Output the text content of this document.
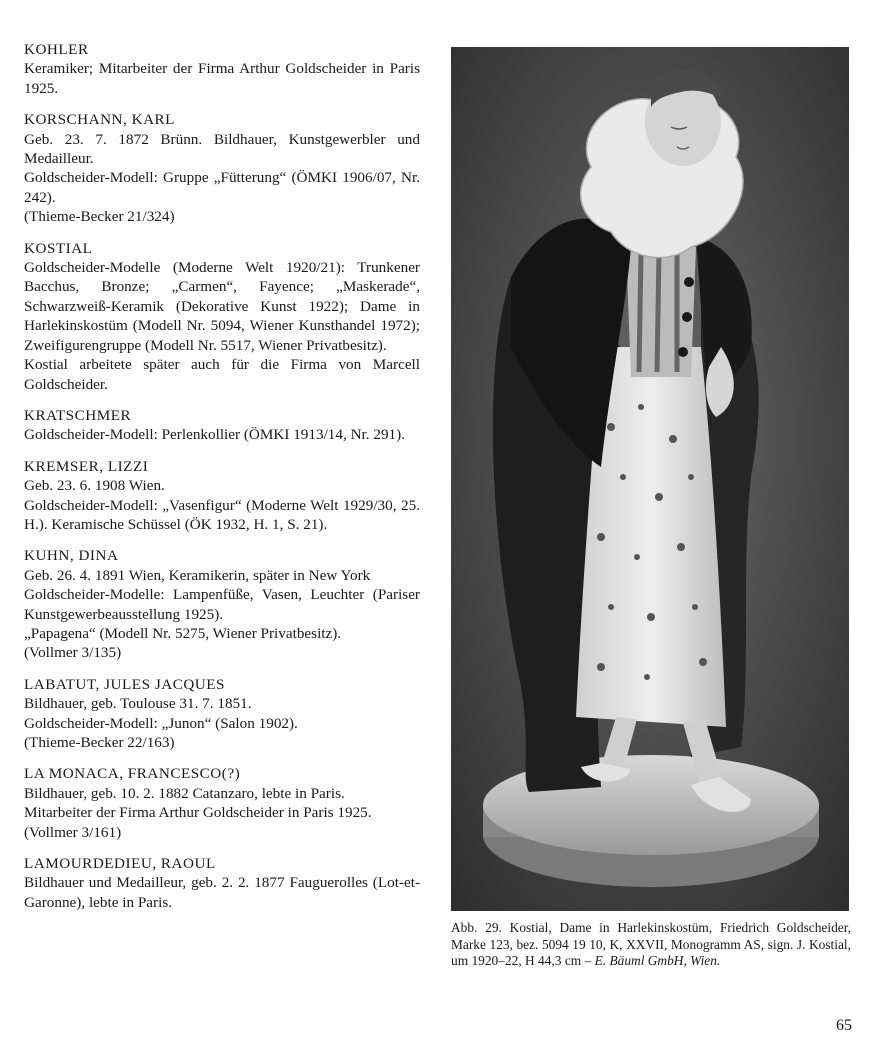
KOHLER
Keramiker; Mitarbeiter der Firma Arthur Goldscheider in Paris 1925.
KORSCHANN, KARL
Geb. 23. 7. 1872 Brünn. Bildhauer, Kunstgewerbler und Medailleur.
Goldscheider-Modell: Gruppe „Fütterung“ (ÖMKI 1906/07, Nr. 242).
(Thieme-Becker 21/324)
KOSTIAL
Goldscheider-Modelle (Moderne Welt 1920/21): Trunkener Bacchus, Bronze; „Carmen“, Fayence; „Maskerade“, Schwarzweiß-Keramik (Dekorative Kunst 1922); Dame in Harlekinskostüm (Modell Nr. 5094, Wiener Kunsthandel 1972); Zweifigurengruppe (Modell Nr. 5517, Wiener Privatbesitz).
Kostial arbeitete später auch für die Firma von Marcell Goldscheider.
KRATSCHMER
Goldscheider-Modell: Perlenkollier (ÖMKI 1913/14, Nr. 291).
KREMSER, LIZZI
Geb. 23. 6. 1908 Wien.
Goldscheider-Modell: „Vasenfigur“ (Moderne Welt 1929/30, 25. H.). Keramische Schüssel (ÖK 1932, H. 1, S. 21).
KUHN, DINA
Geb. 26. 4. 1891 Wien, Keramikerin, später in New York
Goldscheider-Modelle: Lampenfüße, Vasen, Leuchter (Pariser Kunstgewerbeausstellung 1925).
„Papagena“ (Modell Nr. 5275, Wiener Privatbesitz).
(Vollmer 3/135)
LABATUT, JULES JACQUES
Bildhauer, geb. Toulouse 31. 7. 1851.
Goldscheider-Modell: „Junon“ (Salon 1902).
(Thieme-Becker 22/163)
LA MONACA, FRANCESCO(?)
Bildhauer, geb. 10. 2. 1882 Catanzaro, lebte in Paris.
Mitarbeiter der Firma Arthur Goldscheider in Paris 1925.
(Vollmer 3/161)
LAMOURDEDIEU, RAOUL
Bildhauer und Medailleur, geb. 2. 2. 1877 Fauguerolles (Lot-et-Garonne), lebte in Paris.
Abb. 29. Kostial, Dame in Harlekinskostüm, Friedrich Goldscheider, Marke 123, bez. 5094 19 10, K, XXVII, Monogramm AS, sign. J. Kostial, um 1920–22, H 44,3 cm – E. Bäuml GmbH, Wien.
65
